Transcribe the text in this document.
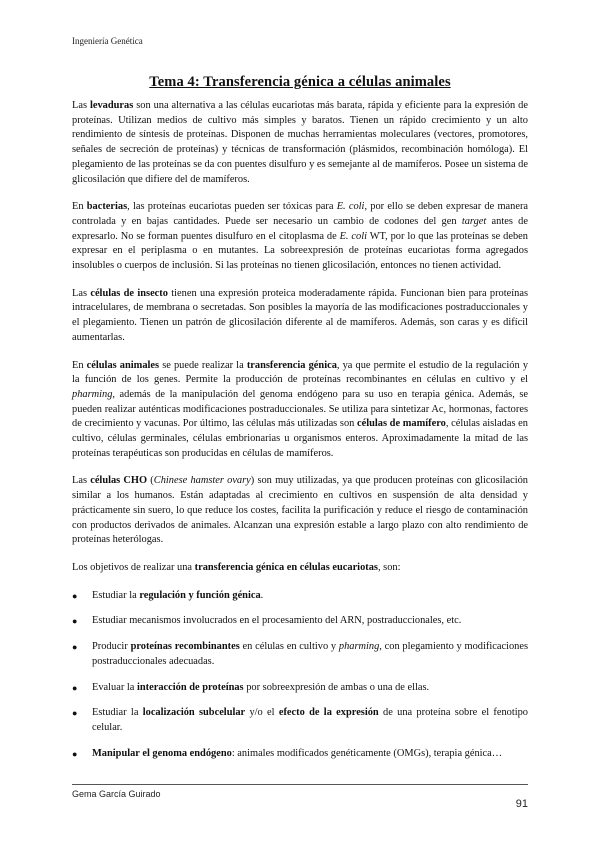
Ingeniería Genética
Tema 4: Transferencia génica a células animales

Las levaduras son una alternativa a las células eucariotas más barata, rápida y eficiente para la expresión de proteínas. Utilizan medios de cultivo más simples y baratos. Tienen un rápido crecimiento y un alto rendimiento de síntesis de proteínas. Disponen de muchas herramientas moleculares (vectores, promotores, señales de secreción de proteínas) y técnicas de transformación (plásmidos, recombinación homóloga). El plegamiento de las proteínas se da con puentes disulfuro y es semejante al de mamíferos. Posee un sistema de glicosilación que difiere del de mamíferos.

En bacterias, las proteínas eucariotas pueden ser tóxicas para E. coli, por ello se deben expresar de manera controlada y en bajas cantidades. Puede ser necesario un cambio de codones del gen target antes de expresarlo. No se forman puentes disulfuro en el citoplasma de E. coli WT, por lo que las proteínas se deben expresar en el periplasma o en mutantes. La sobreexpresión de proteínas eucariotas forma agregados insolubles o cuerpos de inclusión. Si las proteínas no tienen glicosilación, entonces no tienen actividad.

Las células de insecto tienen una expresión proteica moderadamente rápida. Funcionan bien para proteínas intracelulares, de membrana o secretadas. Son posibles la mayoría de las modificaciones postraduccionales y el plegamiento. Tienen un patrón de glicosilación diferente al de mamíferos. Además, son caras y es difícil aumentarlas.

En células animales se puede realizar la transferencia génica, ya que permite el estudio de la regulación y la función de los genes. Permite la producción de proteínas recombinantes en células en cultivo y el pharming, además de la manipulación del genoma endógeno para su uso en terapia génica. Además, se pueden realizar auténticas modificaciones postraduccionales. Se utiliza para sintetizar Ac, hormonas, factores de crecimiento y vacunas. Por último, las células más utilizadas son células de mamífero, células aisladas en cultivo, células germinales, células embrionarias u organismos enteros. Aproximadamente la mitad de las proteínas terapéuticas son producidas en células de mamíferos.

Las células CHO (Chinese hamster ovary) son muy utilizadas, ya que producen proteínas con glicosilación similar a los humanos. Están adaptadas al crecimiento en cultivos en suspensión de alta densidad y prácticamente sin suero, lo que reduce los costes, facilita la purificación y reduce el riesgo de contaminación con productos derivados de animales. Alcanzan una expresión estable a largo plazo con alto rendimiento de proteínas heterólogas.

Los objetivos de realizar una transferencia génica en células eucariotas, son:

● Estudiar la regulación y función génica.
● Estudiar mecanismos involucrados en el procesamiento del ARN, postraduccionales, etc.
● Producir proteínas recombinantes en células en cultivo y pharming, con plegamiento y modificaciones postraduccionales adecuadas.
● Evaluar la interacción de proteínas por sobreexpresión de ambas o una de ellas.
● Estudiar la localización subcelular y/o el efecto de la expresión de una proteína sobre el fenotipo celular.
● Manipular el genoma endógeno: animales modificados genéticamente (OMGs), terapia génica…
Gema García Guirado
91
